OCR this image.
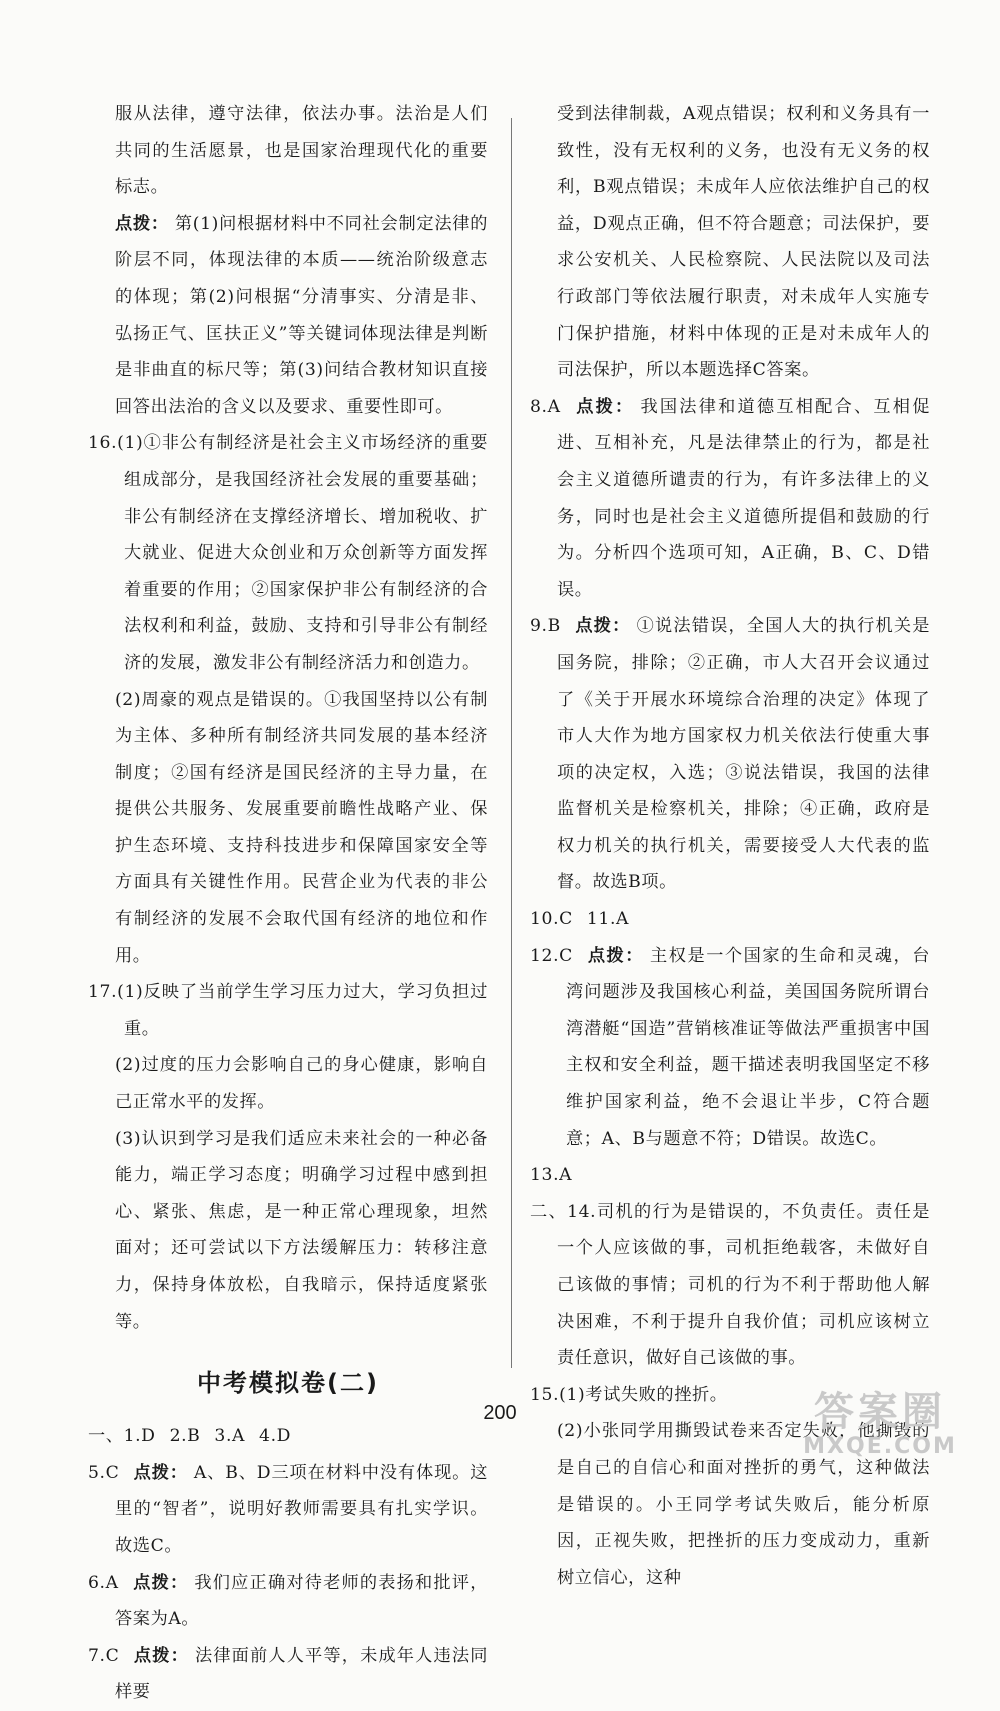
服从法律，遵守法律，依法办事。法治是人们共同的生活愿景，也是国家治理现代化的重要标志。

点拨： 第(1)问根据材料中不同社会制定法律的阶层不同，体现法律的本质——统治阶级意志的体现；第(2)问根据“分清事实、分清是非、弘扬正气、匡扶正义”等关键词体现法律是判断是非曲直的标尺等；第(3)问结合教材知识直接回答出法治的含义以及要求、重要性即可。

16.(1)①非公有制经济是社会主义市场经济的重要组成部分，是我国经济社会发展的重要基础；非公有制经济在支撑经济增长、增加税收、扩大就业、促进大众创业和万众创新等方面发挥着重要的作用；②国家保护非公有制经济的合法权利和利益，鼓励、支持和引导非公有制经济的发展，激发非公有制经济活力和创造力。

(2)周豪的观点是错误的。①我国坚持以公有制为主体、多种所有制经济共同发展的基本经济制度；②国有经济是国民经济的主导力量，在提供公共服务、发展重要前瞻性战略产业、保护生态环境、支持科技进步和保障国家安全等方面具有关键性作用。民营企业为代表的非公有制经济的发展不会取代国有经济的地位和作用。

17.(1)反映了当前学生学习压力过大，学习负担过重。

(2)过度的压力会影响自己的身心健康，影响自己正常水平的发挥。

(3)认识到学习是我们适应未来社会的一种必备能力，端正学习态度；明确学习过程中感到担心、紧张、焦虑，是一种正常心理现象，坦然面对；还可尝试以下方法缓解压力：转移注意力，保持身体放松，自我暗示，保持适度紧张等。

中考模拟卷(二)

一、1.D 2.B 3.A 4.D

5.C 点拨： A、B、D三项在材料中没有体现。这里的“智者”，说明好教师需要具有扎实学识。故选C。

6.A 点拨： 我们应正确对待老师的表扬和批评，答案为A。

7.C 点拨： 法律面前人人平等，未成年人违法同样要

受到法律制裁，A观点错误；权利和义务具有一致性，没有无权利的义务，也没有无义务的权利，B观点错误；未成年人应依法维护自己的权益，D观点正确，但不符合题意；司法保护，要求公安机关、人民检察院、人民法院以及司法行政部门等依法履行职责，对未成年人实施专门保护措施，材料中体现的正是对未成年人的司法保护，所以本题选择C答案。

8.A 点拨： 我国法律和道德互相配合、互相促进、互相补充，凡是法律禁止的行为，都是社会主义道德所谴责的行为，有许多法律上的义务，同时也是社会主义道德所提倡和鼓励的行为。分析四个选项可知，A正确，B、C、D错误。

9.B 点拨： ①说法错误，全国人大的执行机关是国务院，排除；②正确，市人大召开会议通过了《关于开展水环境综合治理的决定》体现了市人大作为地方国家权力机关依法行使重大事项的决定权，入选；③说法错误，我国的法律监督机关是检察机关，排除；④正确，政府是权力机关的执行机关，需要接受人大代表的监督。故选B项。

10.C 11.A

12.C 点拨： 主权是一个国家的生命和灵魂，台湾问题涉及我国核心利益，美国国务院所谓台湾潜艇“国造”营销核准证等做法严重损害中国主权和安全利益，题干描述表明我国坚定不移维护国家利益，绝不会退让半步，C符合题意；A、B与题意不符；D错误。故选C。

13.A

二、14.司机的行为是错误的，不负责任。责任是一个人应该做的事，司机拒绝载客，未做好自己该做的事情；司机的行为不利于帮助他人解决困难，不利于提升自我价值；司机应该树立责任意识，做好自己该做的事。

15.(1)考试失败的挫折。

(2)小张同学用撕毁试卷来否定失败，他撕毁的是自己的自信心和面对挫折的勇气，这种做法是错误的。小王同学考试失败后，能分析原因，正视失败，把挫折的压力变成动力，重新树立信心，这种

200	答案圈
MXQE.COM
